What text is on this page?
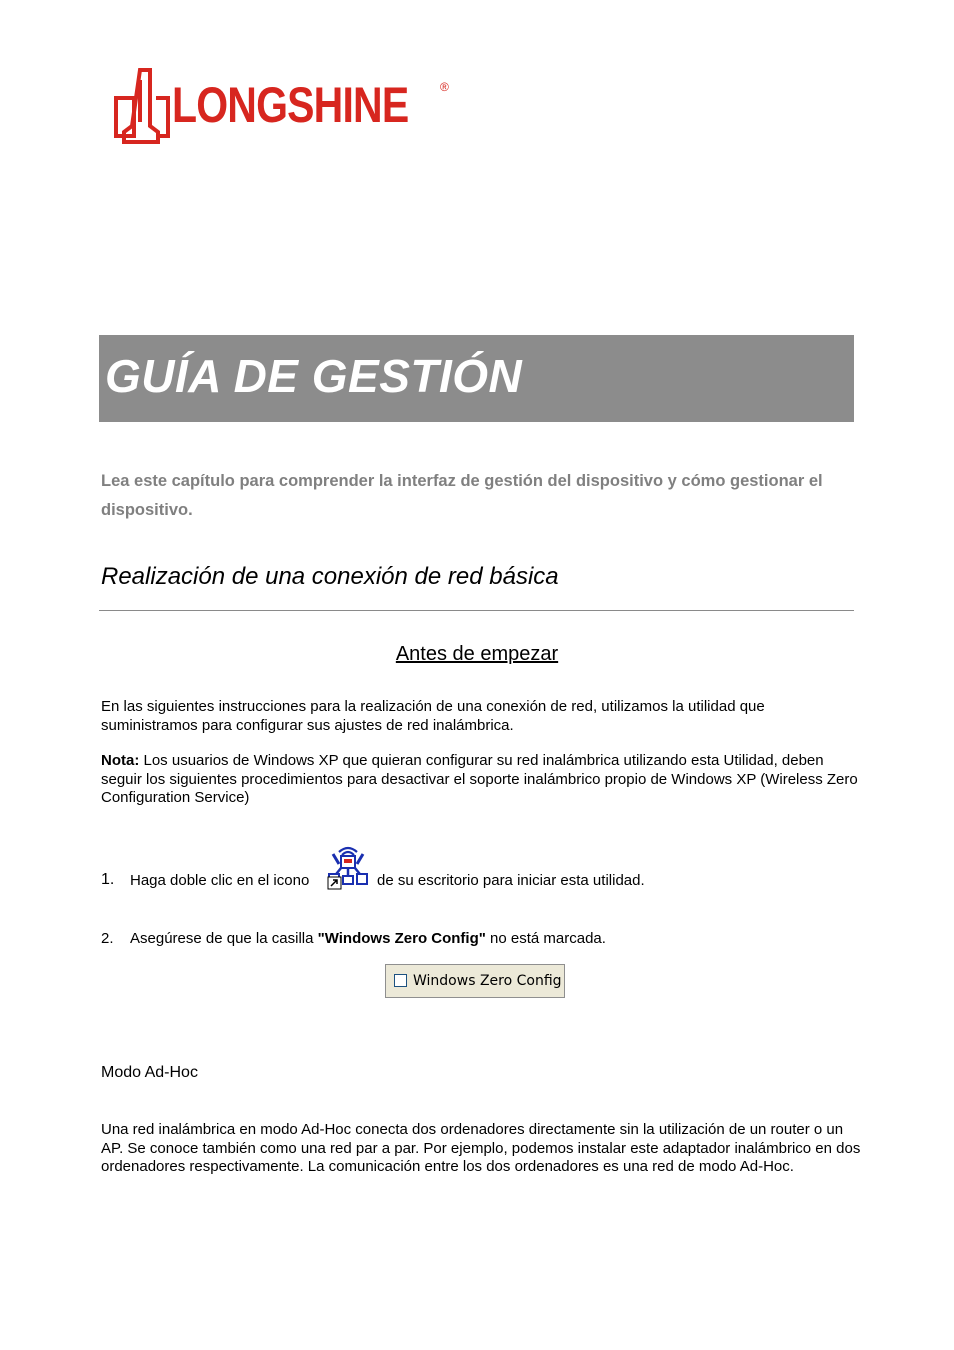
LONGSHINE	®
GUÍA DE GESTIÓN
Lea este capítulo para comprender la interfaz de gestión del dispositivo y cómo gestionar el dispositivo.
Realización de una conexión de red básica
Antes de empezar
En las siguientes instrucciones para la realización de una conexión de red, utilizamos la utilidad que suministramos para configurar sus ajustes de red inalámbrica.
Nota: Los usuarios de Windows XP que quieran configurar su red inalámbrica utilizando esta Utilidad, deben seguir los siguientes procedimientos para desactivar el soporte inalámbrico propio de Windows XP (Wireless Zero Configuration Service)
1. Haga doble clic en el icono	de su escritorio para iniciar esta utilidad.
2. Asegúrese de que la casilla "Windows Zero Config" no está marcada.
Windows Zero Config
Modo Ad-Hoc
Una red inalámbrica en modo Ad-Hoc conecta dos ordenadores directamente sin la utilización de un router o un AP. Se conoce también como una red par a par. Por ejemplo, podemos instalar este adaptador inalámbrico en dos ordenadores respectivamente. La comunicación entre los dos ordenadores es una red de modo Ad-Hoc.
